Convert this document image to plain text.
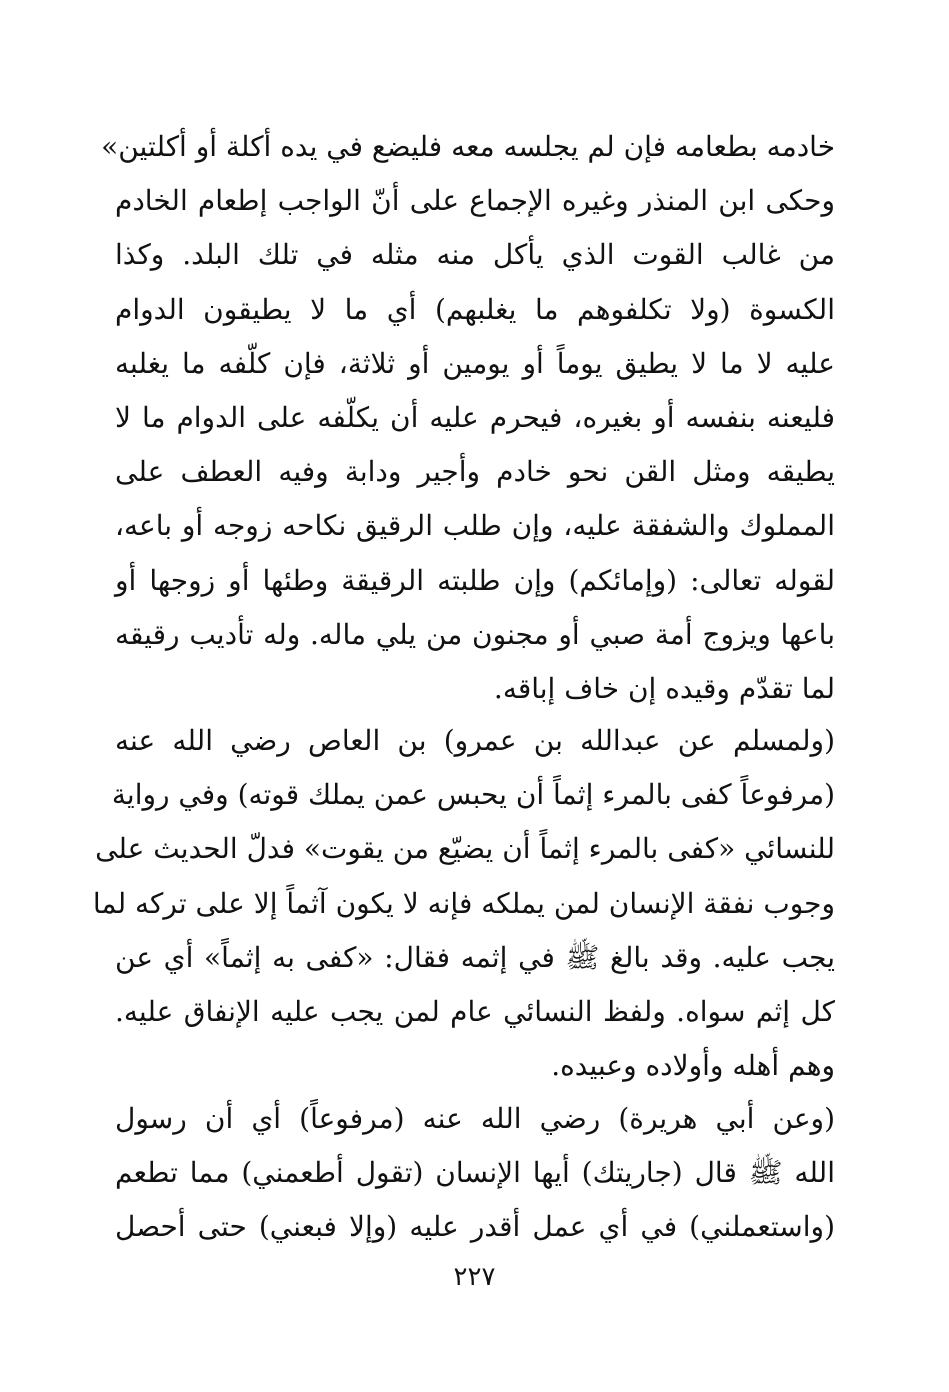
خادمه بطعامه فإن لم يجلسه معه فليضع في يده أكلة أو أكلتين»
وحكى ابن المنذر وغيره الإجماع على أنّ الواجب إطعام الخادم
من غالب القوت الذي يأكل منه مثله في تلك البلد. وكذا
الكسوة (ولا تكلفوهم ما يغلبهم) أي ما لا يطيقون الدوام
عليه لا ما لا يطيق يوماً أو يومين أو ثلاثة، فإن كلّفه ما يغلبه
فليعنه بنفسه أو بغيره، فيحرم عليه أن يكلّفه على الدوام ما لا
يطيقه ومثل القن نحو خادم وأجير ودابة وفيه العطف على
المملوك والشفقة عليه، وإن طلب الرقيق نكاحه زوجه أو باعه،
لقوله تعالى: (وإمائكم) وإن طلبته الرقيقة وطئها أو زوجها أو
باعها ويزوج أمة صبي أو مجنون من يلي ماله. وله تأديب رقيقه
لما تقدّم وقيده إن خاف إباقه.
(ولمسلم عن عبدالله بن عمرو) بن العاص رضي الله عنه
(مرفوعاً كفى بالمرء إثماً أن يحبس عمن يملك قوته) وفي رواية
للنسائي «كفى بالمرء إثماً أن يضيّع من يقوت» فدلّ الحديث على
وجوب نفقة الإنسان لمن يملكه فإنه لا يكون آثماً إلا على تركه لما
يجب عليه. وقد بالغ ﷺ في إثمه فقال: «كفى به إثماً» أي عن
كل إثم سواه. ولفظ النسائي عام لمن يجب عليه الإنفاق عليه.
وهم أهله وأولاده وعبيده.
(وعن أبي هريرة) رضي الله عنه (مرفوعاً) أي أن رسول
الله ﷺ قال (جاريتك) أيها الإنسان (تقول أطعمني) مما تطعم
(واستعملني) في أي عمل أقدر عليه (وإلا فبعني) حتى أحصل
٢٢٧
